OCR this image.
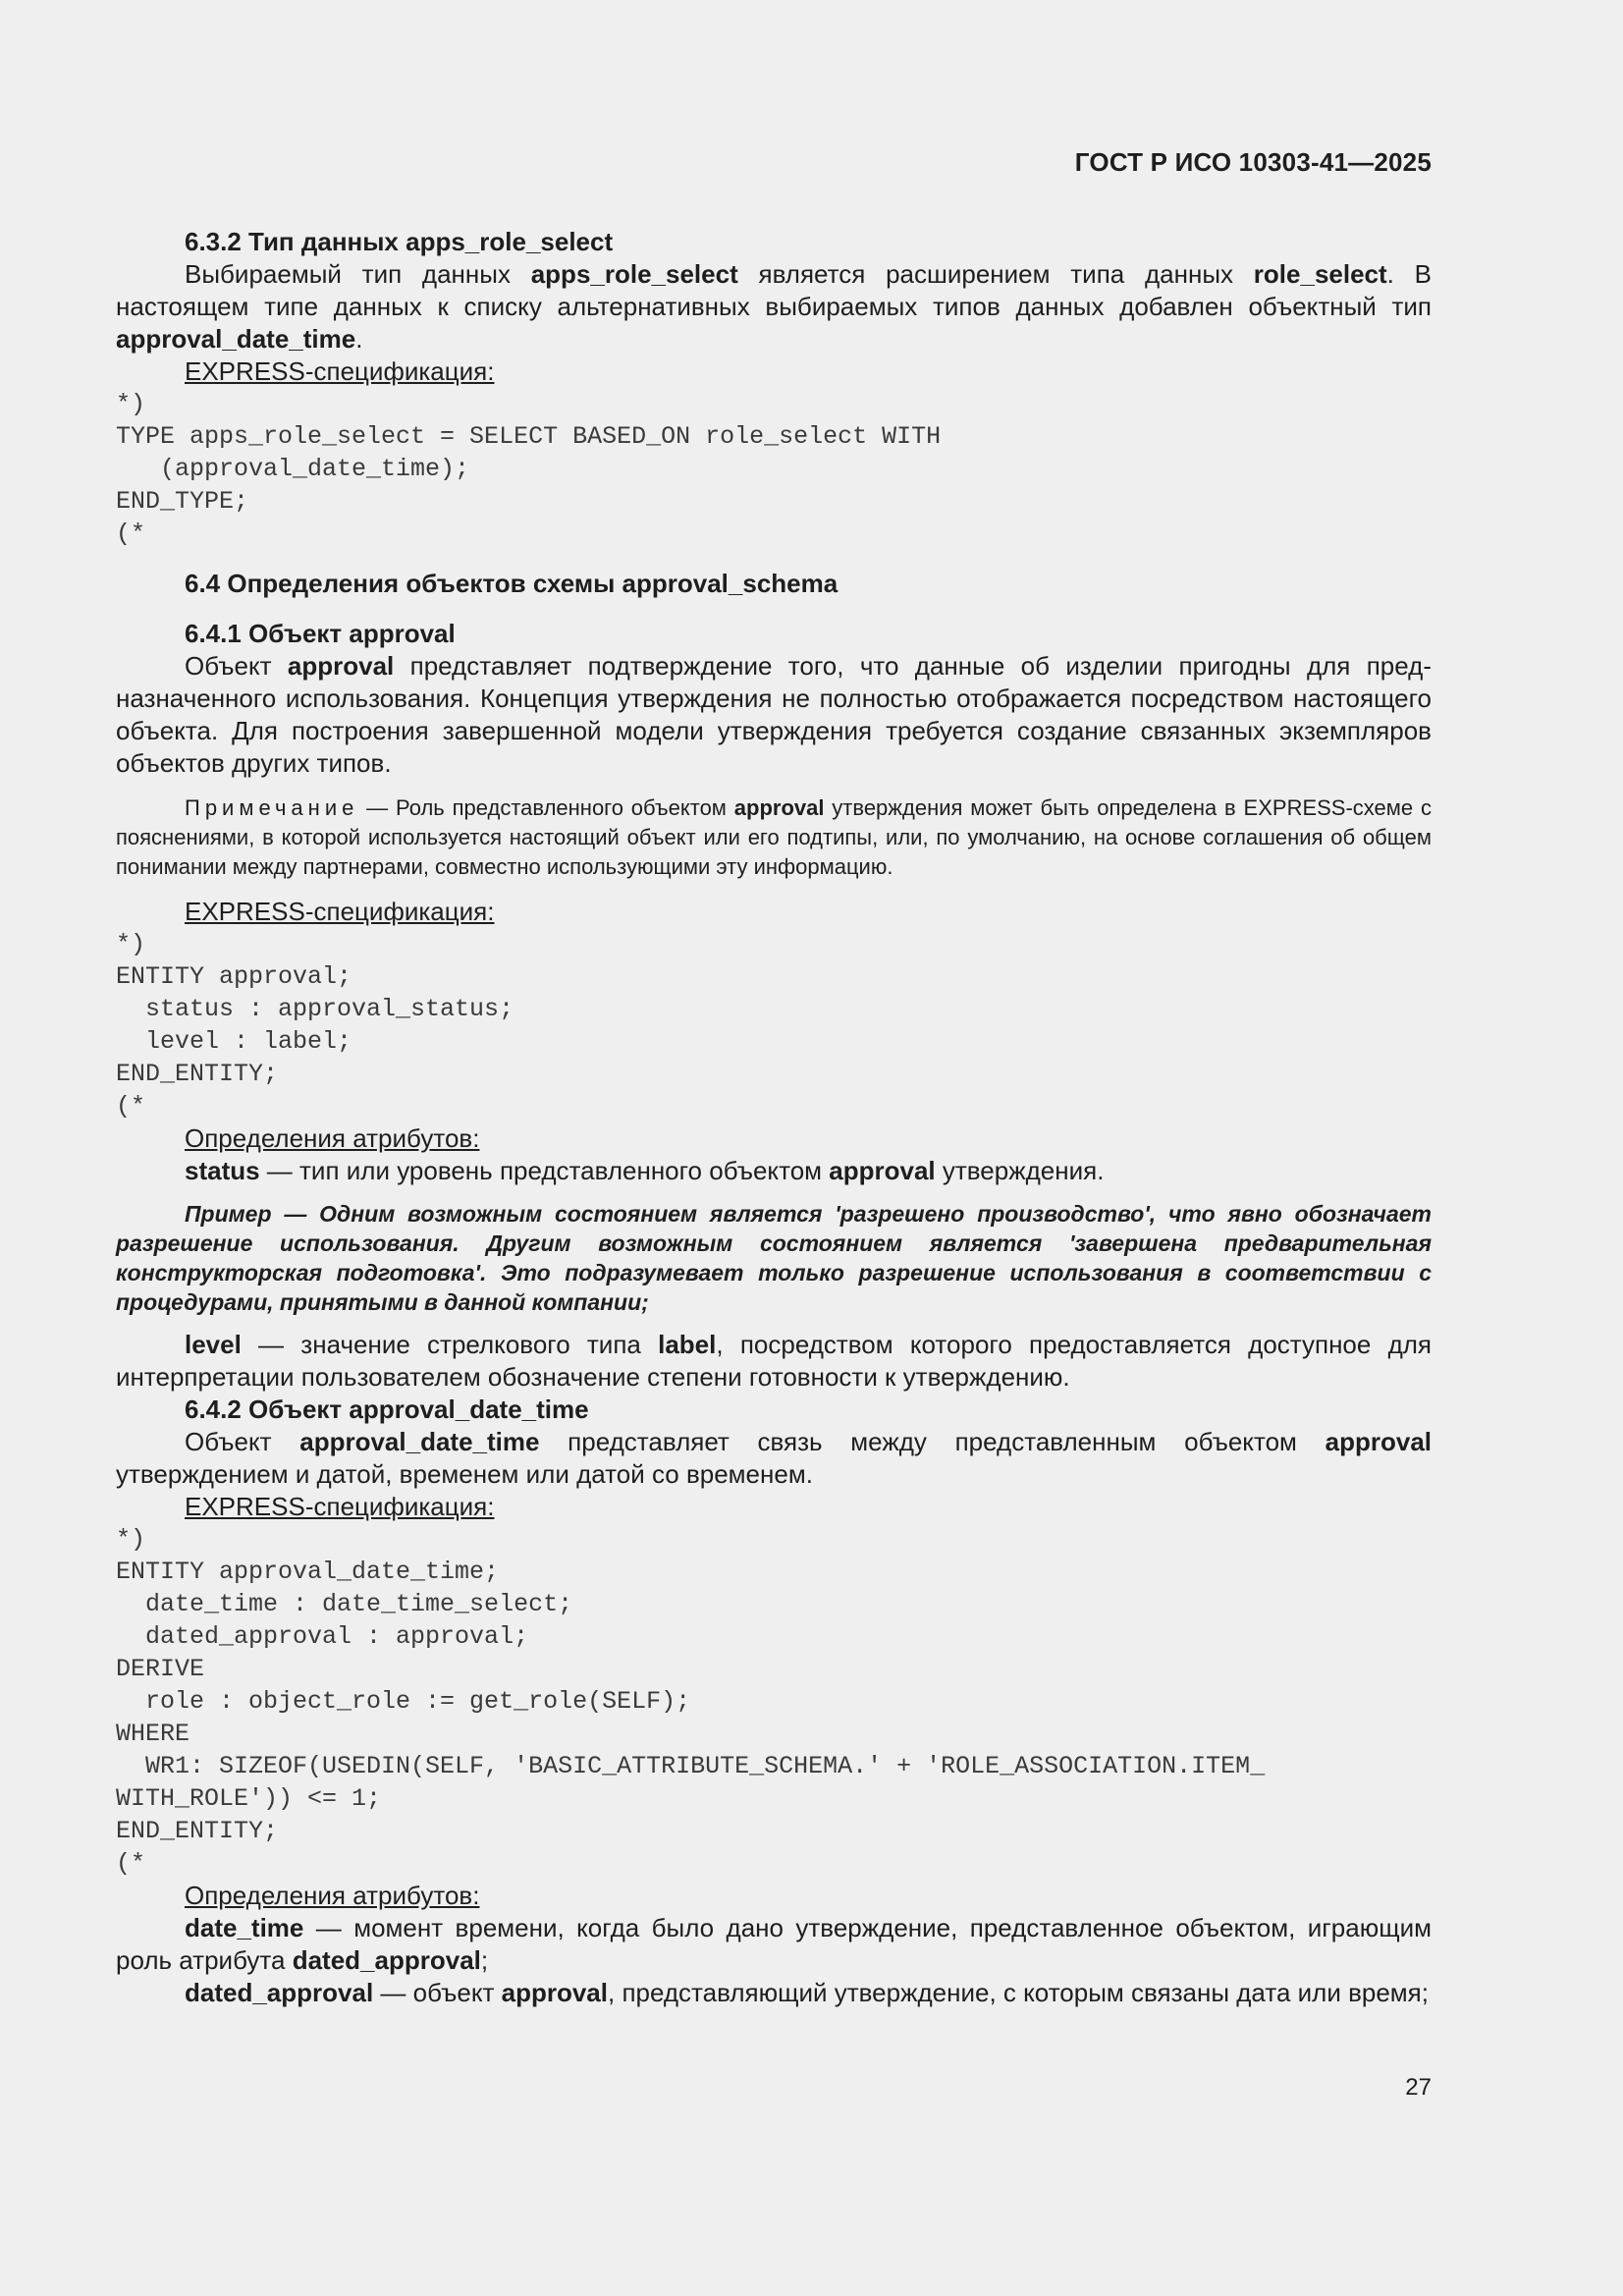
ГОСТ Р ИСО 10303-41—2025

6.3.2 Тип данных apps_role_select

Выбираемый тип данных apps_role_select является расширением типа данных role_select. В настоящем типе данных к списку альтернативных выбираемых типов данных добавлен объектный тип approval_date_time.

EXPRESS-спецификация:

*)
TYPE apps_role_select = SELECT BASED_ON role_select WITH
(approval_date_time);
END_TYPE;
(*

6.4 Определения объектов схемы approval_schema

6.4.1 Объект approval

Объект approval представляет подтверждение того, что данные об изделии пригодны для предназначенного использования. Концепция утверждения не полностью отображается посредством настоящего объекта. Для построения завершенной модели утверждения требуется создание связанных экземпляров объектов других типов.

Примечание — Роль представленного объектом approval утверждения может быть определена в EXPRESS-схеме с пояснениями, в которой используется настоящий объект или его подтипы, или, по умолчанию, на основе соглашения об общем понимании между партнерами, совместно использующими эту информацию.

EXPRESS-спецификация:

*)
ENTITY approval;
status : approval_status;
level : label;
END_ENTITY;
(*

Определения атрибутов:

status — тип или уровень представленного объектом approval утверждения.

Пример — Одним возможным состоянием является 'разрешено производство', что явно обозначает разрешение использования. Другим возможным состоянием является 'завершена предварительная конструкторская подготовка'. Это подразумевает только разрешение использования в соответствии с процедурами, принятыми в данной компании;

level — значение стрелкового типа label, посредством которого предоставляется доступное для интерпретации пользователем обозначение степени готовности к утверждению.

6.4.2 Объект approval_date_time

Объект approval_date_time представляет связь между представленным объектом approval утверждением и датой, временем или датой со временем.

EXPRESS-спецификация:

*)
ENTITY approval_date_time;
date_time : date_time_select;
dated_approval : approval;
DERIVE
role : object_role := get_role(SELF);
WHERE
WR1: SIZEOF(USEDIN(SELF, 'BASIC_ATTRIBUTE_SCHEMA.' + 'ROLE_ASSOCIATION.ITEM_
WITH_ROLE')) <= 1;
END_ENTITY;
(*

Определения атрибутов:

date_time — момент времени, когда было дано утверждение, представленное объектом, играющим роль атрибута dated_approval;

dated_approval — объект approval, представляющий утверждение, с которым связаны дата или время;

27
